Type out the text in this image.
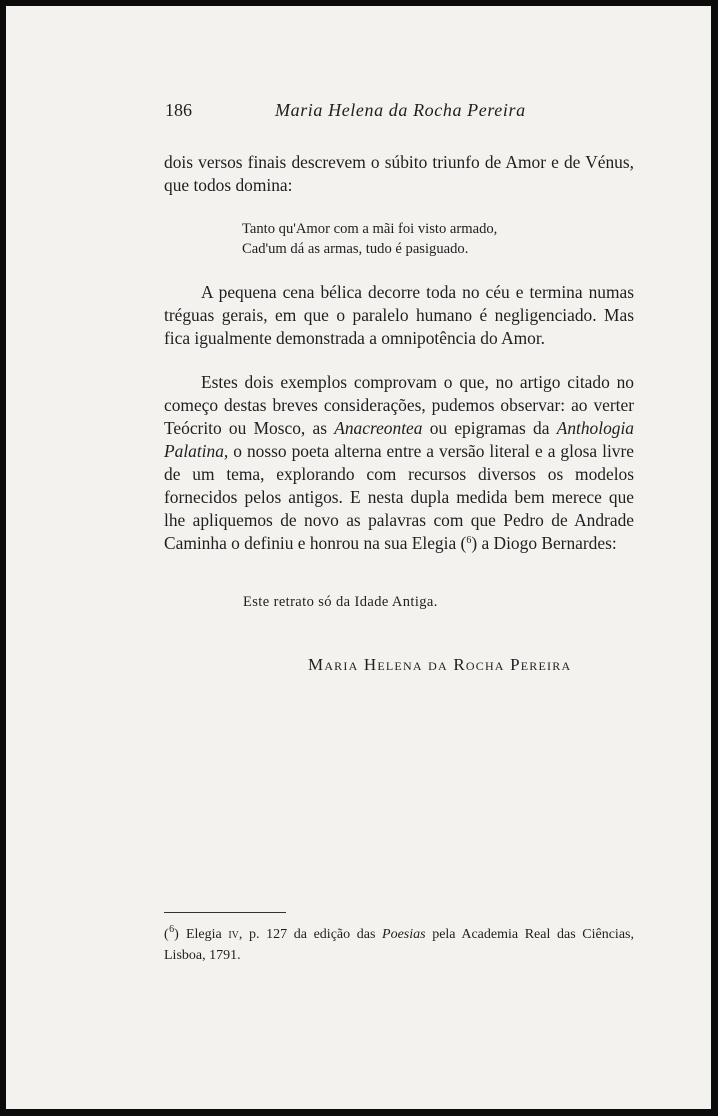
186	Maria Helena da Rocha Pereira

dois versos finais descrevem o súbito triunfo de Amor e de Vénus, que todos domina:

Tanto qu'Amor com a mãi foi visto armado,
Cad'um dá as armas, tudo é pasiguado.

A pequena cena bélica decorre toda no céu e termina numas tréguas gerais, em que o paralelo humano é negligenciado. Mas fica igualmente demonstrada a omnipotência do Amor.

Estes dois exemplos comprovam o que, no artigo citado no começo destas breves considerações, pudemos observar: ao verter Teócrito ou Mosco, as Anacreontea ou epigramas da Anthologia Palatina, o nosso poeta alterna entre a versão literal e a glosa livre de um tema, explorando com recursos diversos os modelos fornecidos pelos antigos. E nesta dupla medida bem merece que lhe apliquemos de novo as palavras com que Pedro de Andrade Caminha o definiu e honrou na sua Elegia ($^6$) a Diogo Bernardes:

Este retrato só da Idade Antiga.
Maria Helena da Rocha Pereira

($^6$) Elegia iv, p. 127 da edição das Poesias pela Academia Real das Ciências, Lisboa, 1791.
